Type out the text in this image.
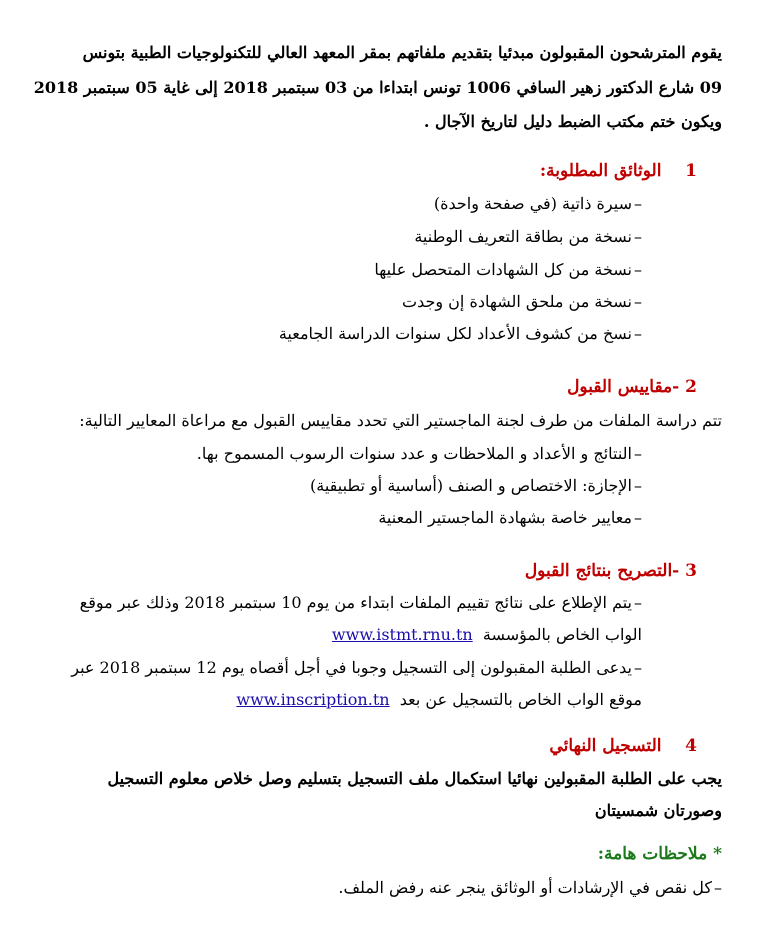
يقوم المترشحون المقبولون مبدئيا بتقديم ملفاتهم بمقر المعهد العالي للتكنولوجيات الطبية بتونس
09 شارع الدكتور زهير السافي 1006 تونس ابتداءا من 03 سبتمبر 2018 إلى غاية 05 سبتمبر 2018
ويكون ختم مكتب الضبط دليل لتاريخ الآجال .
1    الوثائق المطلوبة:
–سيرة ذاتية (في صفحة واحدة)
–نسخة من بطاقة التعريف الوطنية
–نسخة من كل الشهادات المتحصل عليها
–نسخة من ملحق الشهادة إن وجدت
–نسخ من كشوف الأعداد لكل سنوات الدراسة الجامعية
2 -مقاييس القبول
تتم دراسة الملفات من طرف لجنة الماجستير التي تحدد مقاييس القبول مع مراعاة المعايير التالية:
–النتائج و الأعداد و الملاحظات و عدد سنوات الرسوب المسموح بها.
–الإجازة: الاختصاص و الصنف (أساسية أو تطبيقية)
–معايير خاصة بشهادة الماجستير المعنية
3 -التصريح بنتائج القبول
–يتم الإطلاع على نتائج تقييم الملفات ابتداء من يوم 10 سبتمبر 2018 وذلك عبر موقع
الواب الخاص بالمؤسسة  www.istmt.rnu.tn
–يدعى الطلبة المقبولون إلى التسجيل وجوبا في أجل أقصاه يوم 12 سبتمبر 2018 عبر
موقع الواب الخاص بالتسجيل عن بعد  www.inscription.tn
4    التسجيل النهائي
يجب على الطلبة المقبولين نهائيا استكمال ملف التسجيل بتسليم وصل خلاص معلوم التسجيل
وصورتان شمسيتان
* ملاحظات هامة:
–كل نقص في الإرشادات أو الوثائق ينجر عنه رفض الملف.
